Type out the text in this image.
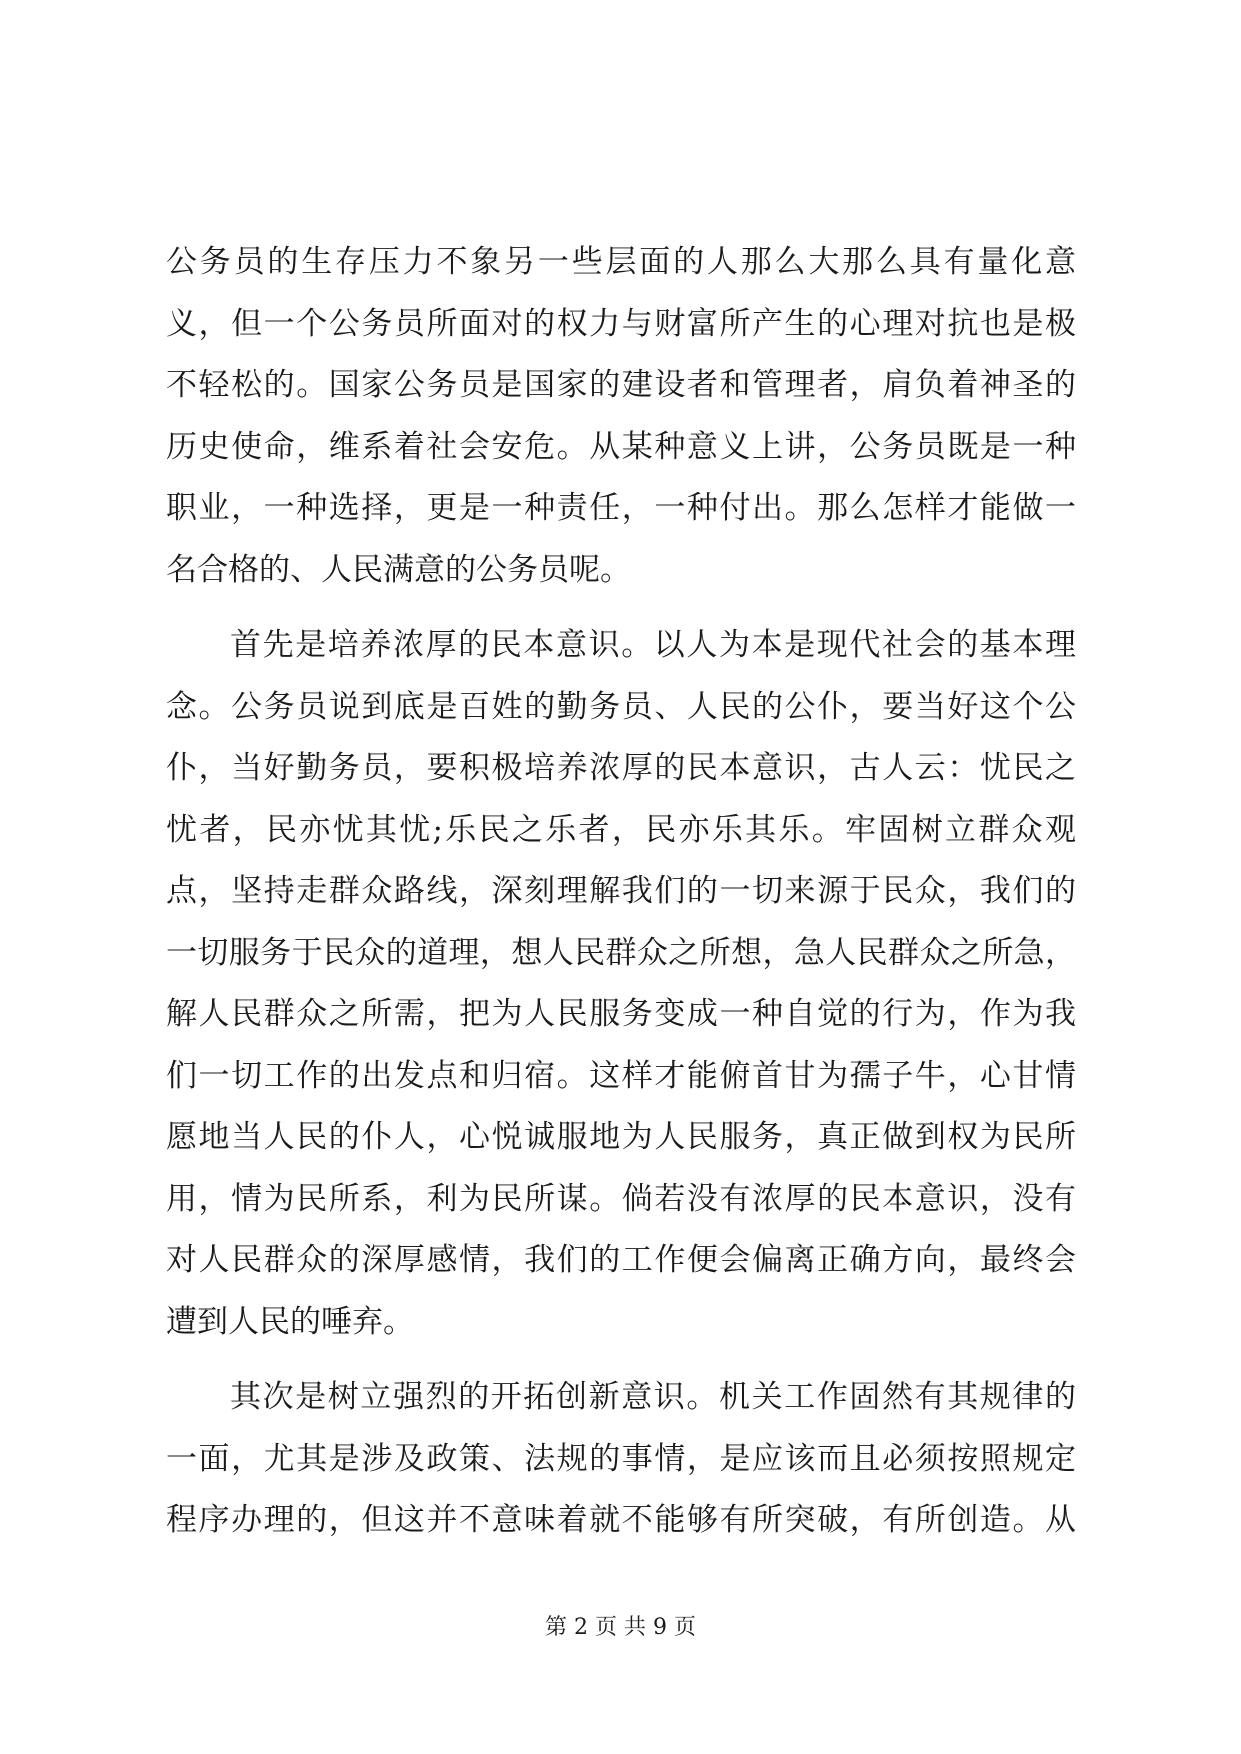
公务员的生存压力不象另一些层面的人那么大那么具有量化意
义，但一个公务员所面对的权力与财富所产生的心理对抗也是极
不轻松的。国家公务员是国家的建设者和管理者，肩负着神圣的
历史使命，维系着社会安危。从某种意义上讲，公务员既是一种
职业，一种选择，更是一种责任，一种付出。那么怎样才能做一
名合格的、人民满意的公务员呢。
首先是培养浓厚的民本意识。以人为本是现代社会的基本理
念。公务员说到底是百姓的勤务员、人民的公仆，要当好这个公
仆，当好勤务员，要积极培养浓厚的民本意识，古人云：忧民之
忧者，民亦忧其忧;乐民之乐者，民亦乐其乐。牢固树立群众观
点，坚持走群众路线，深刻理解我们的一切来源于民众，我们的
一切服务于民众的道理，想人民群众之所想，急人民群众之所急，
解人民群众之所需，把为人民服务变成一种自觉的行为，作为我
们一切工作的出发点和归宿。这样才能俯首甘为孺子牛，心甘情
愿地当人民的仆人，心悦诚服地为人民服务，真正做到权为民所
用，情为民所系，利为民所谋。倘若没有浓厚的民本意识，没有
对人民群众的深厚感情，我们的工作便会偏离正确方向，最终会
遭到人民的唾弃。
其次是树立强烈的开拓创新意识。机关工作固然有其规律的
一面，尤其是涉及政策、法规的事情，是应该而且必须按照规定
程序办理的，但这并不意味着就不能够有所突破，有所创造。从
第 2 页 共 9 页
